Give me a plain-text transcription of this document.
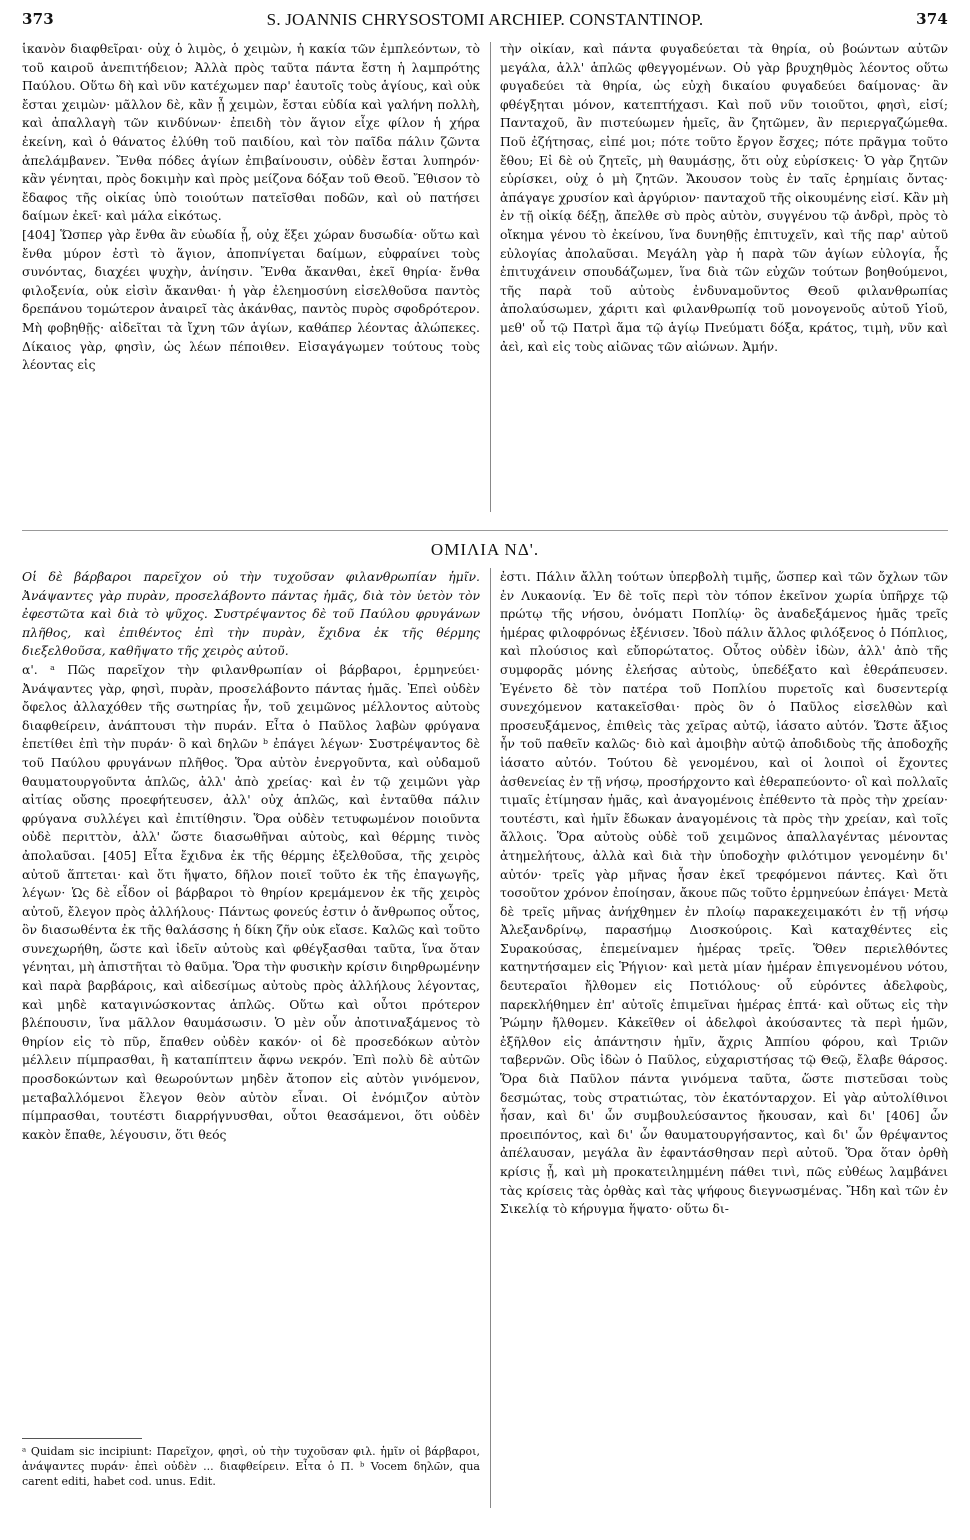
373	S. JOANNIS CHRYSOSTOMI ARCHIEP. CONSTANTINOP.	374

ἱκανὸν διαφθεῖραι· οὐχ ὁ λιμὸς, ὁ χειμὼν, ἡ κακία τῶν ἐμπλεόντων, τὸ τοῦ καιροῦ ἀνεπιτήδειον; Ἀλλὰ πρὸς ταῦτα πάντα ἔστη ἡ λαμπρότης Παύλου. Οὕτω δὴ καὶ νῦν κατέχωμεν παρ' ἑαυτοῖς τοὺς ἁγίους, καὶ οὐκ ἔσται χειμὼν· μᾶλλον δὲ, κἂν ᾖ χειμὼν, ἔσται εὐδία καὶ γαλήνη πολλὴ, καὶ ἀπαλλαγὴ τῶν κινδύνων· ἐπειδὴ τὸν ἅγιον εἶχε φίλον ἡ χήρα ἐκείνη, καὶ ὁ θάνατος ἐλύθη τοῦ παιδίου, καὶ τὸν παῖδα πάλιν ζῶντα ἀπελάμβανεν. Ἔνθα πόδες ἁγίων ἐπιβαίνουσιν, οὐδὲν ἔσται λυπηρόν· κἂν γένηται, πρὸς δοκιμὴν καὶ πρὸς μείζονα δόξαν τοῦ Θεοῦ. Ἔθισον τὸ ἔδαφος τῆς οἰκίας ὑπὸ τοιούτων πατεῖσθαι ποδῶν, καὶ οὐ πατήσει δαίμων ἐκεῖ· καὶ μάλα εἰκότως.

[404] Ὥσπερ γὰρ ἔνθα ἂν εὐωδία ᾖ, οὐχ ἕξει χώραν δυσωδία· οὕτω καὶ ἔνθα μύρον ἐστὶ τὸ ἅγιον, ἀποπνίγεται δαίμων, εὐφραίνει τοὺς συνόντας, διαχέει ψυχὴν, ἀνίησιν. Ἔνθα ἄκανθαι, ἐκεῖ θηρία· ἔνθα φιλοξενία, οὐκ εἰσὶν ἄκανθαι· ἡ γὰρ ἐλεημοσύνη εἰσελθοῦσα παντὸς δρεπάνου τομώτερον ἀναιρεῖ τὰς ἀκάνθας, παντὸς πυρὸς σφοδρότερον. Μὴ φοβηθῇς· αἰδεῖται τὰ ἴχνη τῶν ἁγίων, καθάπερ λέοντας ἀλώπεκες. Δίκαιος γὰρ, φησὶν, ὡς λέων πέποιθεν. Εἰσαγάγωμεν τούτους τοὺς λέοντας εἰς

τὴν οἰκίαν, καὶ πάντα φυγαδεύεται τὰ θηρία, οὐ βοώντων αὐτῶν μεγάλα, ἀλλ' ἁπλῶς φθεγγομένων. Οὐ γὰρ βρυχηθμὸς λέοντος οὕτω φυγαδεύει τὰ θηρία, ὡς εὐχὴ δικαίου φυγαδεύει δαίμονας· ἂν φθέγξηται μόνον, κατεπτήχασι. Καὶ ποῦ νῦν τοιοῦτοι, φησὶ, εἰσί; Πανταχοῦ, ἂν πιστεύωμεν ἡμεῖς, ἂν ζητῶμεν, ἂν περιεργαζώμεθα. Ποῦ ἐζήτησας, εἰπέ μοι; πότε τοῦτο ἔργον ἔσχες; πότε πρᾶγμα τοῦτο ἔθου; Εἰ δὲ οὐ ζητεῖς, μὴ θαυμάσῃς, ὅτι οὐχ εὑρίσκεις· Ὁ γὰρ ζητῶν εὑρίσκει, οὐχ ὁ μὴ ζητῶν. Ἄκουσον τοὺς ἐν ταῖς ἐρημίαις ὄντας· ἀπάγαγε χρυσίον καὶ ἀργύριον· πανταχοῦ τῆς οἰκουμένης εἰσί. Κἂν μὴ ἐν τῇ οἰκίᾳ δέξῃ, ἄπελθε σὺ πρὸς αὐτὸν, συγγένου τῷ ἀνδρὶ, πρὸς τὸ οἴκημα γένου τὸ ἐκείνου, ἵνα δυνηθῇς ἐπιτυχεῖν, καὶ τῆς παρ' αὐτοῦ εὐλογίας ἀπολαῦσαι. Μεγάλη γὰρ ἡ παρὰ τῶν ἁγίων εὐλογία, ἧς ἐπιτυχάνειν σπουδάζωμεν, ἵνα διὰ τῶν εὐχῶν τούτων βοηθούμενοι, τῆς παρὰ τοῦ αὐτοὺς ἐνδυναμοῦντος Θεοῦ φιλανθρωπίας ἀπολαύσωμεν, χάριτι καὶ φιλανθρωπίᾳ τοῦ μονογενοῦς αὐτοῦ Υἱοῦ, μεθ' οὗ τῷ Πατρὶ ἅμα τῷ ἁγίῳ Πνεύματι δόξα, κράτος, τιμὴ, νῦν καὶ ἀεὶ, καὶ εἰς τοὺς αἰῶνας τῶν αἰώνων. Ἀμήν.

ΟΜΙΛΙΑ ΝΔ'.

Οἱ δὲ βάρβαροι παρεῖχον οὐ τὴν τυχοῦσαν φιλανθρωπίαν ἡμῖν. Ἀνάψαντες γὰρ πυρὰν, προσελάβοντο πάντας ἡμᾶς, διὰ τὸν ὑετὸν τὸν ἐφεστῶτα καὶ διὰ τὸ ψῦχος. Συστρέψαντος δὲ τοῦ Παύλου φρυγάνων πλῆθος, καὶ ἐπιθέντος ἐπὶ τὴν πυρὰν, ἔχιδνα ἐκ τῆς θέρμης διεξελθοῦσα, καθῆψατο τῆς χειρὸς αὐτοῦ.

α'. ᵃ Πῶς παρεῖχον τὴν φιλανθρωπίαν οἱ βάρβαροι, ἑρμηνεύει· Ἀνάψαντες γὰρ, φησὶ, πυρὰν, προσελάβοντο πάντας ἡμᾶς. Ἐπεὶ οὐδὲν ὄφελος ἀλλαχόθεν τῆς σωτηρίας ἦν, τοῦ χειμῶνος μέλλοντος αὐτοὺς διαφθείρειν, ἀνάπτουσι τὴν πυράν. Εἶτα ὁ Παῦλος λαβὼν φρύγανα ἐπετίθει ἐπὶ τὴν πυράν· ὃ καὶ δηλῶν ᵇ ἐπάγει λέγων· Συστρέψαντος δὲ τοῦ Παύλου φρυγάνων πλῆθος. Ὅρα αὐτὸν ἐνεργοῦντα, καὶ οὐδαμοῦ θαυματουργοῦντα ἁπλῶς, ἀλλ' ἀπὸ χρείας· καὶ ἐν τῷ χειμῶνι γὰρ αἰτίας οὔσης προεφήτευσεν, ἀλλ' οὐχ ἁπλῶς, καὶ ἐνταῦθα πάλιν φρύγανα συλλέγει καὶ ἐπιτίθησιν. Ὅρα οὐδὲν τετυφωμένον ποιοῦντα οὐδὲ περιττὸν, ἀλλ' ὥστε διασωθῆναι αὐτοὺς, καὶ θέρμης τινὸς ἀπολαῦσαι. [405] Εἶτα ἔχιδνα ἐκ τῆς θέρμης ἐξελθοῦσα, τῆς χειρὸς αὐτοῦ ἅπτεται· καὶ ὅτι ἥψατο, δῆλον ποιεῖ τοῦτο ἐκ τῆς ἐπαγωγῆς, λέγων· Ὡς δὲ εἶδον οἱ βάρβαροι τὸ θηρίον κρεμάμενον ἐκ τῆς χειρὸς αὐτοῦ, ἔλεγον πρὸς ἀλλήλους· Πάντως φονεύς ἐστιν ὁ ἄνθρωπος οὗτος, ὃν διασωθέντα ἐκ τῆς θαλάσσης ἡ δίκη ζῆν οὐκ εἴασε. Καλῶς καὶ τοῦτο συνεχωρήθη, ὥστε καὶ ἰδεῖν αὐτοὺς καὶ φθέγξασθαι ταῦτα, ἵνα ὅταν γένηται, μὴ ἀπιστῆται τὸ θαῦμα. Ὅρα τὴν φυσικὴν κρίσιν διηρθρωμένην καὶ παρὰ βαρβάροις, καὶ αἰδεσίμως αὐτοὺς πρὸς ἀλλήλους λέγοντας, καὶ μηδὲ καταγινώσκοντας ἁπλῶς. Οὕτω καὶ οὗτοι πρότερον βλέπουσιν, ἵνα μᾶλλον θαυμάσωσιν. Ὁ μὲν οὖν ἀποτιναξάμενος τὸ θηρίον εἰς τὸ πῦρ, ἔπαθεν οὐδὲν κακόν· οἱ δὲ προσεδόκων αὐτὸν μέλλειν πίμπρασθαι, ἢ καταπίπτειν ἄφνω νεκρόν. Ἐπὶ πολὺ δὲ αὐτῶν προσδοκώντων καὶ θεωρούντων μηδὲν ἄτοπον εἰς αὐτὸν γινόμενον, μεταβαλλόμενοι ἔλεγον θεὸν αὐτὸν εἶναι. Οἱ ἐνόμιζον αὐτὸν πίμπρασθαι, τουτέστι διαρρήγνυσθαι, οὗτοι θεασάμενοι, ὅτι οὐδὲν κακὸν ἔπαθε, λέγουσιν, ὅτι θεός

ἐστι. Πάλιν ἄλλη τούτων ὑπερβολὴ τιμῆς, ὥσπερ καὶ τῶν ὄχλων τῶν ἐν Λυκαονίᾳ. Ἐν δὲ τοῖς περὶ τὸν τόπον ἐκεῖνον χωρία ὑπῆρχε τῷ πρώτῳ τῆς νήσου, ὀνόματι Ποπλίῳ· ὃς ἀναδεξάμενος ἡμᾶς τρεῖς ἡμέρας φιλοφρόνως ἐξένισεν. Ἰδοὺ πάλιν ἄλλος φιλόξενος ὁ Πόπλιος, καὶ πλούσιος καὶ εὔπορώτατος. Οὗτος οὐδὲν ἰδὼν, ἀλλ' ἀπὸ τῆς συμφορᾶς μόνης ἐλεήσας αὐτοὺς, ὑπεδέξατο καὶ ἐθεράπευσεν. Ἐγένετο δὲ τὸν πατέρα τοῦ Ποπλίου πυρετοῖς καὶ δυσεντερίᾳ συνεχόμενον κατακεῖσθαι· πρὸς ὃν ὁ Παῦλος εἰσελθὼν καὶ προσευξάμενος, ἐπιθεὶς τὰς χεῖρας αὐτῷ, ἰάσατο αὐτόν. Ὥστε ἄξιος ἦν τοῦ παθεῖν καλῶς· διὸ καὶ ἀμοιβὴν αὐτῷ ἀποδιδοὺς τῆς ἀποδοχῆς ἰάσατο αὐτόν. Τούτου δὲ γενομένου, καὶ οἱ λοιποὶ οἱ ἔχοντες ἀσθενείας ἐν τῇ νήσῳ, προσήρχοντο καὶ ἐθεραπεύοντο· οἳ καὶ πολλαῖς τιμαῖς ἐτίμησαν ἡμᾶς, καὶ ἀναγομένοις ἐπέθεντο τὰ πρὸς τὴν χρείαν· τουτέστι, καὶ ἡμῖν ἔδωκαν ἀναγομένοις τὰ πρὸς τὴν χρείαν, καὶ τοῖς ἄλλοις. Ὅρα αὐτοὺς οὐδὲ τοῦ χειμῶνος ἀπαλλαγέντας μένοντας ἀτημελήτους, ἀλλὰ καὶ διὰ τὴν ὑποδοχὴν φιλότιμον γενομένην δι' αὐτόν· τρεῖς γὰρ μῆνας ἦσαν ἐκεῖ τρεφόμενοι πάντες. Καὶ ὅτι τοσοῦτον χρόνον ἐποίησαν, ἄκουε πῶς τοῦτο ἑρμηνεύων ἐπάγει· Μετὰ δὲ τρεῖς μῆνας ἀνήχθημεν ἐν πλοίῳ παρακεχειμακότι ἐν τῇ νήσῳ Ἀλεξανδρίνῳ, παρασήμῳ Διοσκούροις. Καὶ καταχθέντες εἰς Συρακούσας, ἐπεμείναμεν ἡμέρας τρεῖς. Ὅθεν περιελθόντες κατηντήσαμεν εἰς Ῥήγιον· καὶ μετὰ μίαν ἡμέραν ἐπιγενομένου νότου, δευτεραῖοι ἤλθομεν εἰς Ποτιόλους· οὗ εὑρόντες ἀδελφοὺς, παρεκλήθημεν ἐπ' αὐτοῖς ἐπιμεῖναι ἡμέρας ἑπτά· καὶ οὕτως εἰς τὴν Ῥώμην ἤλθομεν. Κἀκεῖθεν οἱ ἀδελφοὶ ἀκούσαντες τὰ περὶ ἡμῶν, ἐξῆλθον εἰς ἀπάντησιν ἡμῖν, ἄχρις Ἀππίου φόρου, καὶ Τριῶν ταβερνῶν. Οὓς ἰδὼν ὁ Παῦλος, εὐχαριστήσας τῷ Θεῷ, ἔλαβε θάρσος. Ὅρα διὰ Παῦλον πάντα γινόμενα ταῦτα, ὥστε πιστεῦσαι τοὺς δεσμώτας, τοὺς στρατιώτας, τὸν ἑκατόνταρχον. Εἰ γὰρ αὐτολίθινοι ἦσαν, καὶ δι' ὧν συμβουλεύσαντος ἤκουσαν, καὶ δι' [406] ὧν προειπόντος, καὶ δι' ὧν θαυματουργήσαντος, καὶ δι' ὧν θρέψαντος ἀπέλαυσαν, μεγάλα ἂν ἐφαντάσθησαν περὶ αὐτοῦ. Ὅρα ὅταν ὀρθὴ κρίσις ᾖ, καὶ μὴ προκατειλημμένη πάθει τινὶ, πῶς εὐθέως λαμβάνει τὰς κρίσεις τὰς ὀρθὰς καὶ τὰς ψήφους διεγνωσμένας. Ἤδη καὶ τῶν ἐν Σικελίᾳ τὸ κήρυγμα ἥψατο· οὕτω δι-

ᵃ Quidam sic incipiunt: Παρεῖχον, φησὶ, οὐ τὴν τυχοῦσαν φιλ. ἡμῖν οἱ βάρβαροι, ἀνάψαντες πυράν· ἐπεὶ οὐδὲν ... διαφθείρειν. Εἶτα ὁ Π. ᵇ Vocem δηλῶν, qua carent editi, habet cod. unus. Edit.
